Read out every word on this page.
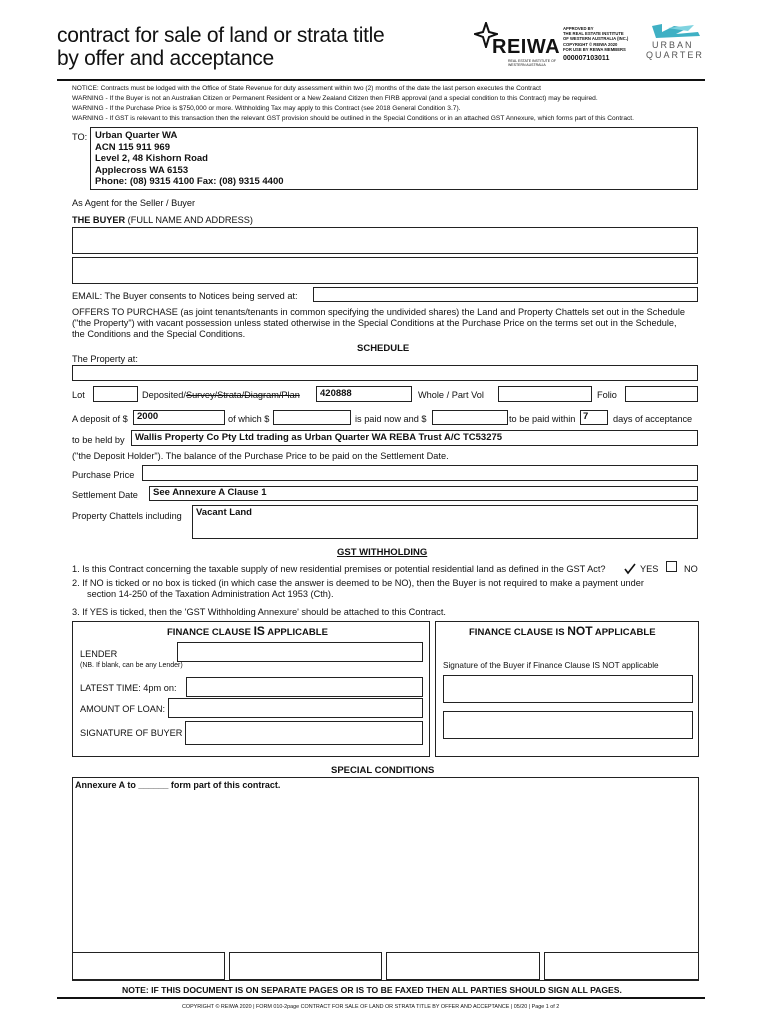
contract for sale of land or strata title
by offer and acceptance	REIWA
REAL ESTATE INSTITUTE OF WESTERN AUSTRALIA
APPROVED BY
THE REAL ESTATE INSTITUTE
OF WESTERN AUSTRALIA (INC.)
COPYRIGHT © REIWA 2020
FOR USE BY REIWA MEMBERS
000007103011
URBAN
QUARTER
NOTICE: Contracts must be lodged with the Office of State Revenue for duty assessment within two (2) months of the date the last person executes the Contract
WARNING - If the Buyer is not an Australian Citizen or Permanent Resident or a New Zealand Citizen then FIRB approval (and a special condition to this Contract) may be required.
WARNING - If the Purchase Price is $750,000 or more. Withholding Tax may apply to this Contract (see 2018 General Condition 3.7).
WARNING - If GST is relevant to this transaction then the relevant GST provision should be outlined in the Special Conditions or in an attached GST Annexure, which forms part of this Contract.
TO: Urban Quarter WA
ACN 115 911 969
Level 2, 48 Kishorn Road
Applecross WA 6153
Phone: (08) 9315 4100 Fax: (08) 9315 4400
As Agent for the Seller / Buyer
THE BUYER (FULL NAME AND ADDRESS)
EMAIL: The Buyer consents to Notices being served at:
OFFERS TO PURCHASE (as joint tenants/tenants in common specifying the undivided shares) the Land and Property Chattels set out in the Schedule
("the Property") with vacant possession unless stated otherwise in the Special Conditions at the Purchase Price on the terms set out in the Schedule,
the Conditions and the Special Conditions.
SCHEDULE
The Property at:
Lot	Deposited/Survey/Strata/Diagram/Plan	420888	Whole / Part Vol	Folio
A deposit of $ 2000	of which $	is paid now and $	to be paid within 7	days of acceptance
to be held by	Wallis Property Co Pty Ltd trading as Urban Quarter WA REBA Trust A/C TC53275
("the Deposit Holder"). The balance of the Purchase Price to be paid on the Settlement Date.
Purchase Price
Settlement Date	See Annexure A Clause 1
Property Chattels including	Vacant Land
GST WITHHOLDING
1. Is this Contract concerning the taxable supply of new residential premises or potential residential land as defined in the GST Act?	YES	NO
2. If NO is ticked or no box is ticked (in which case the answer is deemed to be NO), then the Buyer is not required to make a payment under
section 14-250 of the Taxation Administration Act 1953 (Cth).
3. If YES is ticked, then the 'GST Withholding Annexure' should be attached to this Contract.
FINANCE CLAUSE IS APPLICABLE
LENDER
(NB. If blank, can be any Lender)
LATEST TIME: 4pm on:
AMOUNT OF LOAN:
SIGNATURE OF BUYER
FINANCE CLAUSE IS NOT APPLICABLE
Signature of the Buyer if Finance Clause IS NOT applicable
SPECIAL CONDITIONS
Annexure A to ______ form part of this contract.
NOTE: IF THIS DOCUMENT IS ON SEPARATE PAGES OR IS TO BE FAXED THEN ALL PARTIES SHOULD SIGN ALL PAGES.
COPYRIGHT © REIWA 2020 | FORM 010-2page CONTRACT FOR SALE OF LAND OR STRATA TITLE BY OFFER AND ACCEPTANCE | 05/20 | Page 1 of 2
